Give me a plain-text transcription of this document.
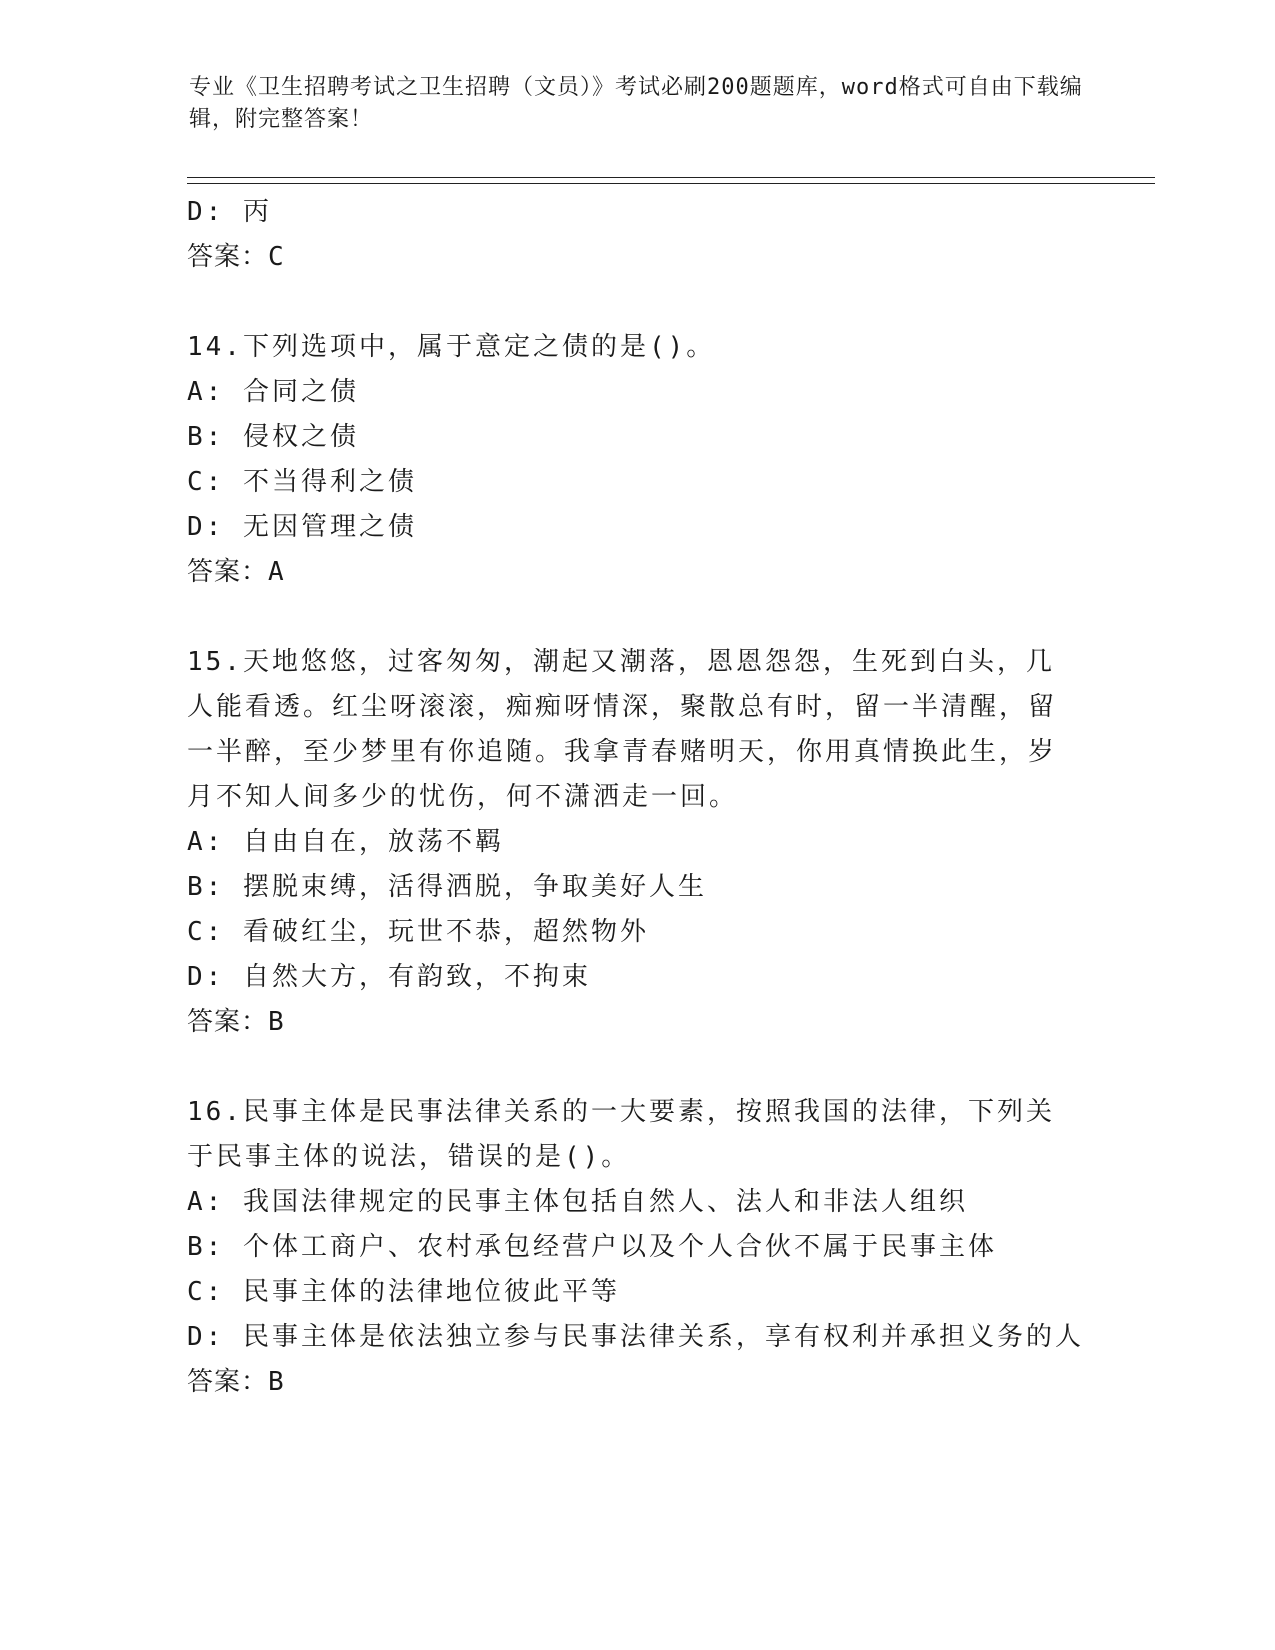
专业《卫生招聘考试之卫生招聘（文员）》考试必刷200题题库，word格式可自由下载编辑，附完整答案！
D: 丙
答案：C
14.下列选项中，属于意定之债的是()。
A: 合同之债
B: 侵权之债
C: 不当得利之债
D: 无因管理之债
答案：A
15.天地悠悠，过客匆匆，潮起又潮落，恩恩怨怨，生死到白头，几人能看透。红尘呀滚滚，痴痴呀情深，聚散总有时，留一半清醒，留一半醉，至少梦里有你追随。我拿青春赌明天，你用真情换此生，岁月不知人间多少的忧伤，何不潇洒走一回。
A: 自由自在，放荡不羁
B: 摆脱束缚，活得洒脱，争取美好人生
C: 看破红尘，玩世不恭，超然物外
D: 自然大方，有韵致，不拘束
答案：B
16.民事主体是民事法律关系的一大要素，按照我国的法律，下列关于民事主体的说法，错误的是()。
A: 我国法律规定的民事主体包括自然人、法人和非法人组织
B: 个体工商户、农村承包经营户以及个人合伙不属于民事主体
C: 民事主体的法律地位彼此平等
D: 民事主体是依法独立参与民事法律关系，享有权利并承担义务的人
答案：B
